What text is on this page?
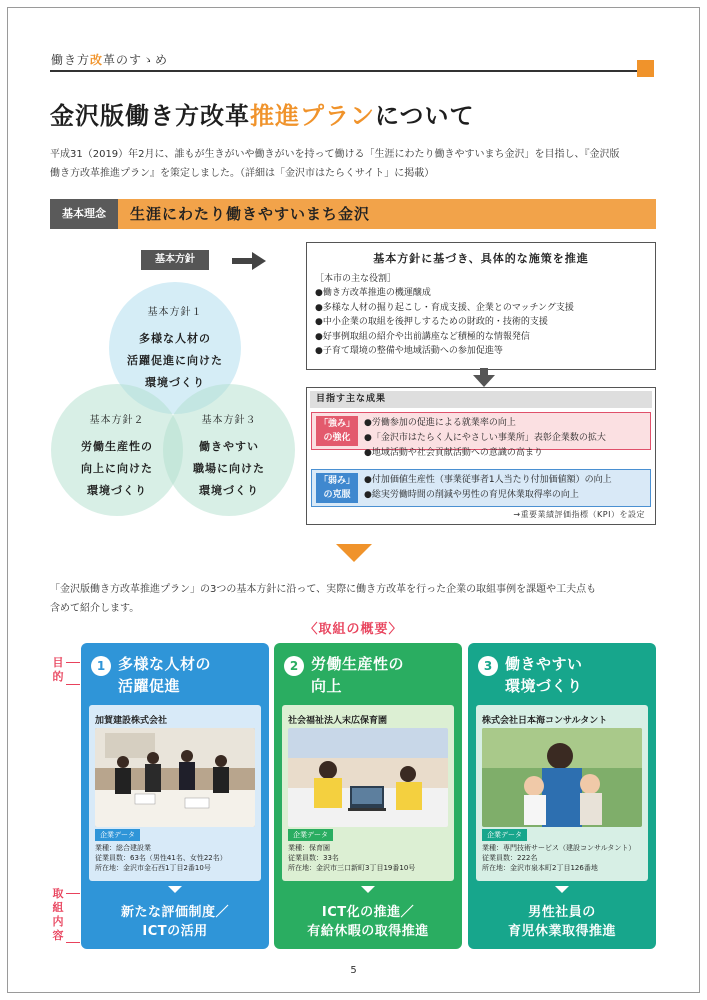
働き方改革のすゝめ
金沢版働き方改革推進プランについて
平成31（2019）年2月に、誰もが生きがいや働きがいを持って働ける「生涯にわたり働きやすいまち金沢」を目指し、『金沢版
働き方改革推進プラン』を策定しました。（詳細は「金沢市はたらくサイト」に掲載）
基本理念	生涯にわたり働きやすいまち金沢
基本方針
基本方針１
多様な人材の
活躍促進に向けた
環境づくり
基本方針２
労働生産性の
向上に向けた
環境づくり
基本方針３
働きやすい
職場に向けた
環境づくり
基本方針に基づき、具体的な施策を推進
［本市の主な役割］
●働き方改革推進の機運醸成
●多様な人材の掘り起こし・育成支援、企業とのマッチング支援
●中小企業の取組を後押しするための財政的・技術的支援
●好事例取組の紹介や出前講座など積極的な情報発信
●子育て環境の整備や地域活動への参加促進等
目指す主な成果
「強み」
の強化
●労働参加の促進による就業率の向上
●「金沢市はたらく人にやさしい事業所」表彰企業数の拡大
●地域活動や社会貢献活動への意識の高まり
「弱み」
の克服
●付加価値生産性（事業従事者1人当たり付加価値額）の向上
●総実労働時間の削減や男性の育児休業取得率の向上
→重要業績評価指標（KPI）を設定
「金沢版働き方改革推進プラン」の3つの基本方針に沿って、実際に働き方改革を行った企業の取組事例を課題や工夫点も
含めて紹介します。
〈取組の概要〉
目
的
取
組
内
容
1 多様な人材の
活躍促進
加賀建設株式会社
企業データ
業種：総合建設業
従業員数：63名（男性41名、女性22名）
所在地：金沢市金石西1丁目2番10号
新たな評価制度／
ICTの活用
2 労働生産性の
向上
社会福祉法人末広保育園
企業データ
業種：保育園
従業員数：33名
所在地：金沢市三口新町3丁目19番10号
ICT化の推進／
有給休暇の取得推進
3 働きやすい
環境づくり
株式会社日本海コンサルタント
企業データ
業種：専門技術サービス（建設コンサルタント）
従業員数：222名
所在地：金沢市泉本町2丁目126番地
男性社員の
育児休業取得推進
5
